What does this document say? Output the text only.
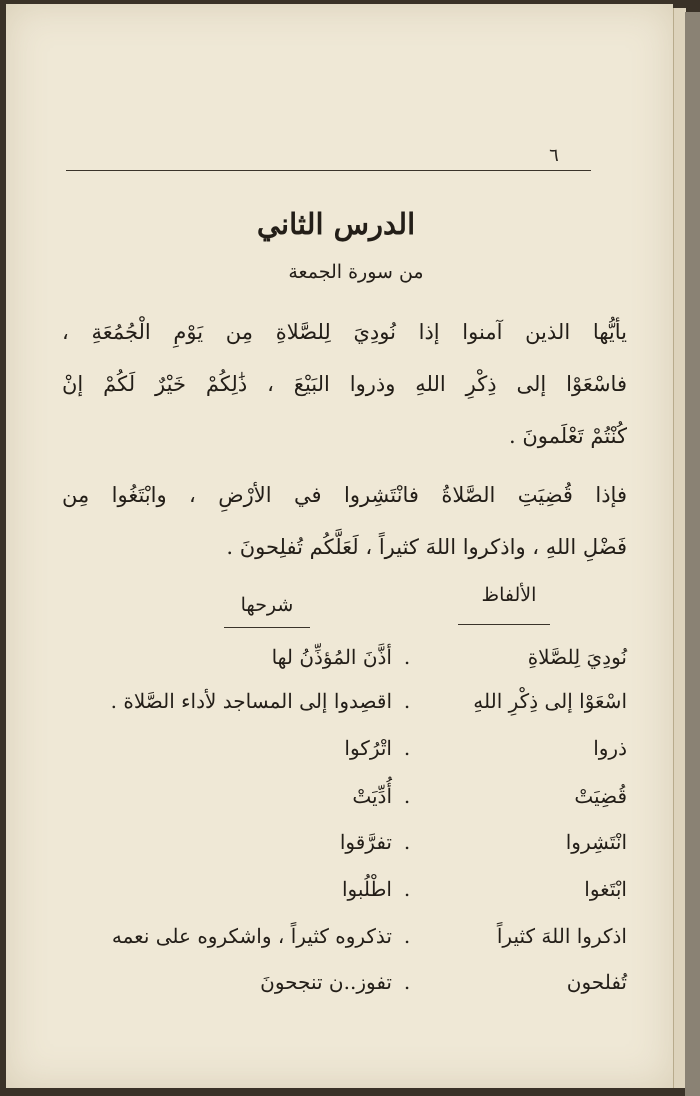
٦
الدرس الثاني
من سورة الجمعة
يأيُّها الذين آمنوا إذا نُودِيَ لِلصَّلاةِ مِن يَوْمِ الْجُمُعَةِ ،
فاسْعَوْا إلى ذِكْرِ اللهِ وذروا البَيْعَ ، ذَٰلِكُمْ خَيْرٌ لَكُمْ إنْ
كُنْتُمْ تَعْلَمونَ .
فإذا قُضِيَتِ الصَّلاةُ فانْتَشِروا في الأرْضِ ، وابْتَغُوا مِن
فَضْلِ اللهِ ، واذكروا اللهَ كثيراً ، لَعَلَّكُم تُفلِحونَ .
الألفاظ
شرحها
نُودِيَ لِلصَّلاةِ
.
أذَّنَ المُؤذِّنُ لها
اسْعَوْا إلى ذِكْرِ اللهِ
.
اقصِدوا إلى المساجد لأداء الصَّلاة .
ذروا
.
اتْرُكوا
قُضِيَتْ
.
أُدِّيَتْ
انْتَشِروا
.
تفرَّقوا
ابْتَغوا
.
اطْلُبوا
اذكروا اللهَ كثيراً
.
تذكروه كثيراً ، واشكروه على نعمه
تُفلحون
.
تفوز..ن تنجحونَ
